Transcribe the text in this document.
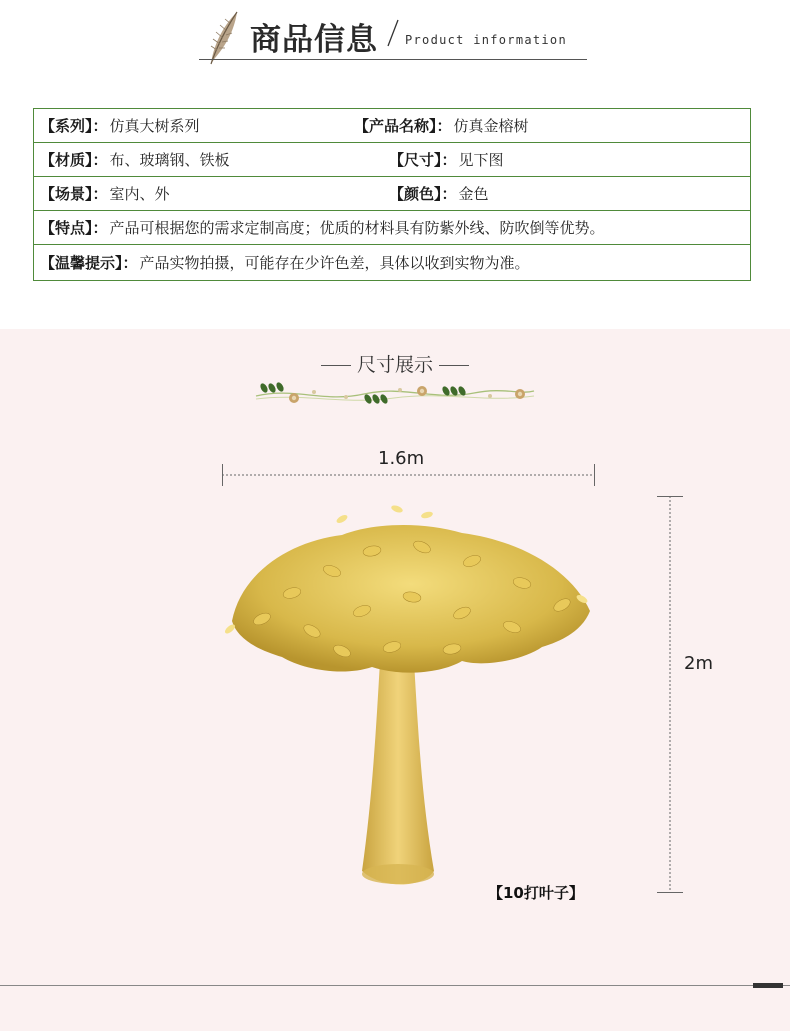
商品信息 Product information
【系列】： 仿真大树系列	【产品名称】： 仿真金榕树
【材质】： 布、玻璃钢、铁板	【尺寸】： 见下图
【场景】： 室内、外	【颜色】： 金色
【特点】： 产品可根据您的需求定制高度；优质的材料具有防紫外线、防吹倒等优势。
【温馨提示】： 产品实物拍摄，可能存在少许色差，具体以收到实物为准。
尺寸展示
1.6m
2m
【10打叶子】
